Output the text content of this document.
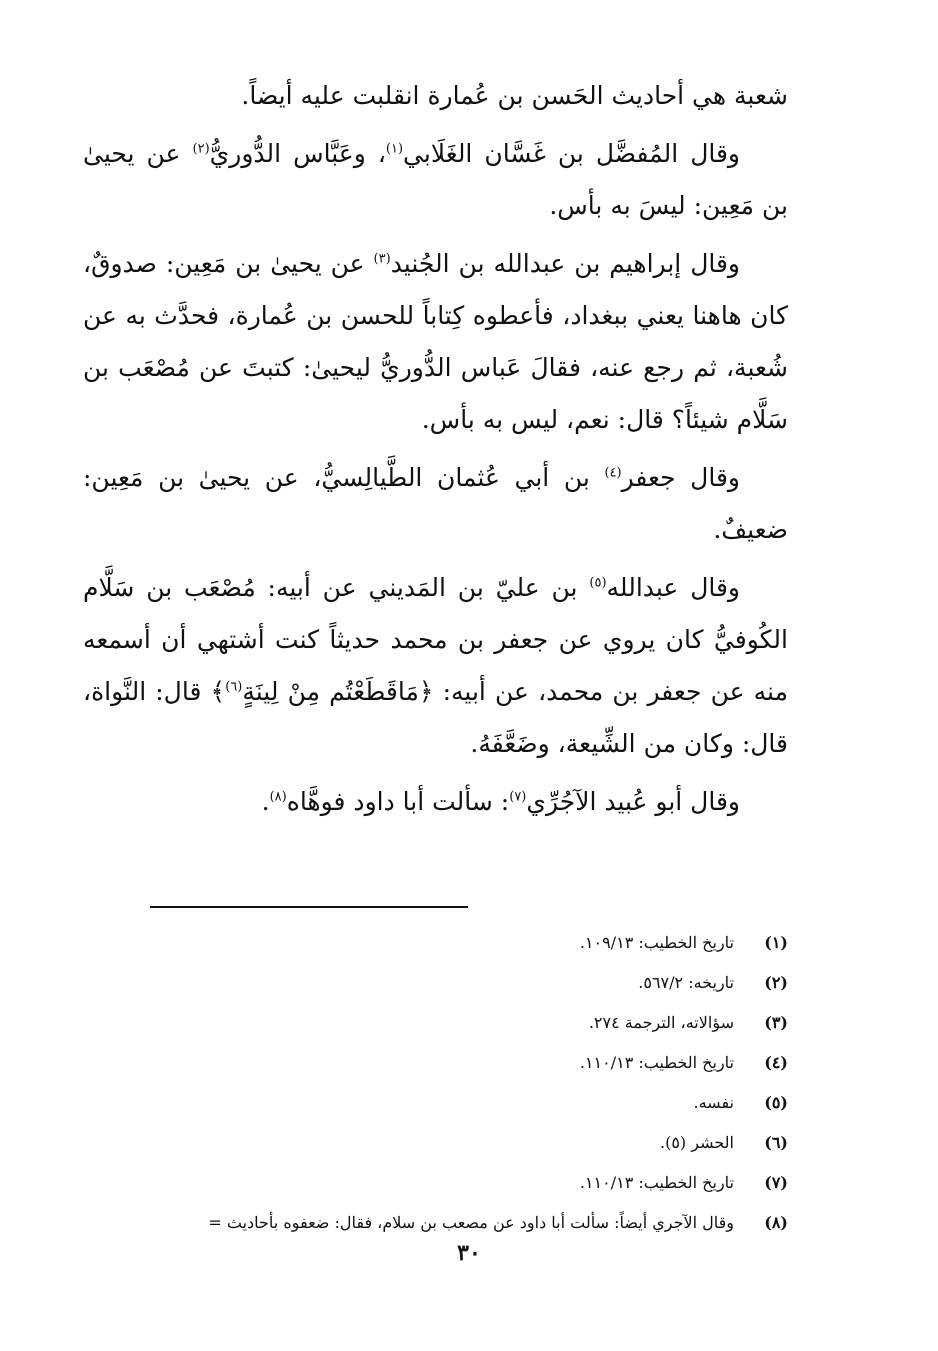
شعبة هي أحاديث الحَسن بن عُمارة انقلبت عليه أيضاً.

وقال المُفضَّل بن غَسَّان الغَلَابي$^{(١)}$، وعَبَّاس الدُّوريُّ$^{(٢)}$ عن يحيىٰ بن مَعِين: ليسَ به بأس.

وقال إبراهيم بن عبدالله بن الجُنيد$^{(٣)}$ عن يحيىٰ بن مَعِين: صدوقٌ، كان هاهنا يعني ببغداد، فأعطوه كِتاباً للحسن بن عُمارة، فحدَّث به عن شُعبة، ثم رجع عنه، فقالَ عَباس الدُّوريُّ ليحيىٰ: كتبتَ عن مُصْعَب بن سَلَّام شيئاً؟ قال: نعم، ليس به بأس.

وقال جعفر$^{(٤)}$ بن أبي عُثمان الطَّيالِسيُّ، عن يحيىٰ بن مَعِين: ضعيفٌ.

وقال عبدالله$^{(٥)}$ بن عليّ بن المَديني عن أبيه: مُصْعَب بن سَلَّام الكُوفيُّ كان يروي عن جعفر بن محمد حديثاً كنت أشتهي أن أسمعه منه عن جعفر بن محمد، عن أبيه: ﴿مَاقَطَعْتُم مِنْ لِينَةٍ$^{(٦)}$﴾ قال: النَّواة، قال: وكان من الشِّيعة، وضَعَّفَهُ.

وقال أبو عُبيد الآجُرِّي$^{(٧)}$: سألت أبا داود فوهَّاه$^{(٨)}$.

(١)
تاريخ الخطيب: ١٠٩/١٣.
(٢)
تاريخه: ٥٦٧/٢.
(٣)
سؤالاته، الترجمة ٢٧٤.
(٤)
تاريخ الخطيب: ١١٠/١٣.
(٥)
نفسه.
(٦)
الحشر (٥).
(٧)
تاريخ الخطيب: ١١٠/١٣.
(٨)
وقال الآجري أيضاً: سألت أبا داود عن مصعب بن سلام، فقال: ضعفوه بأحاديث =
٣٠
